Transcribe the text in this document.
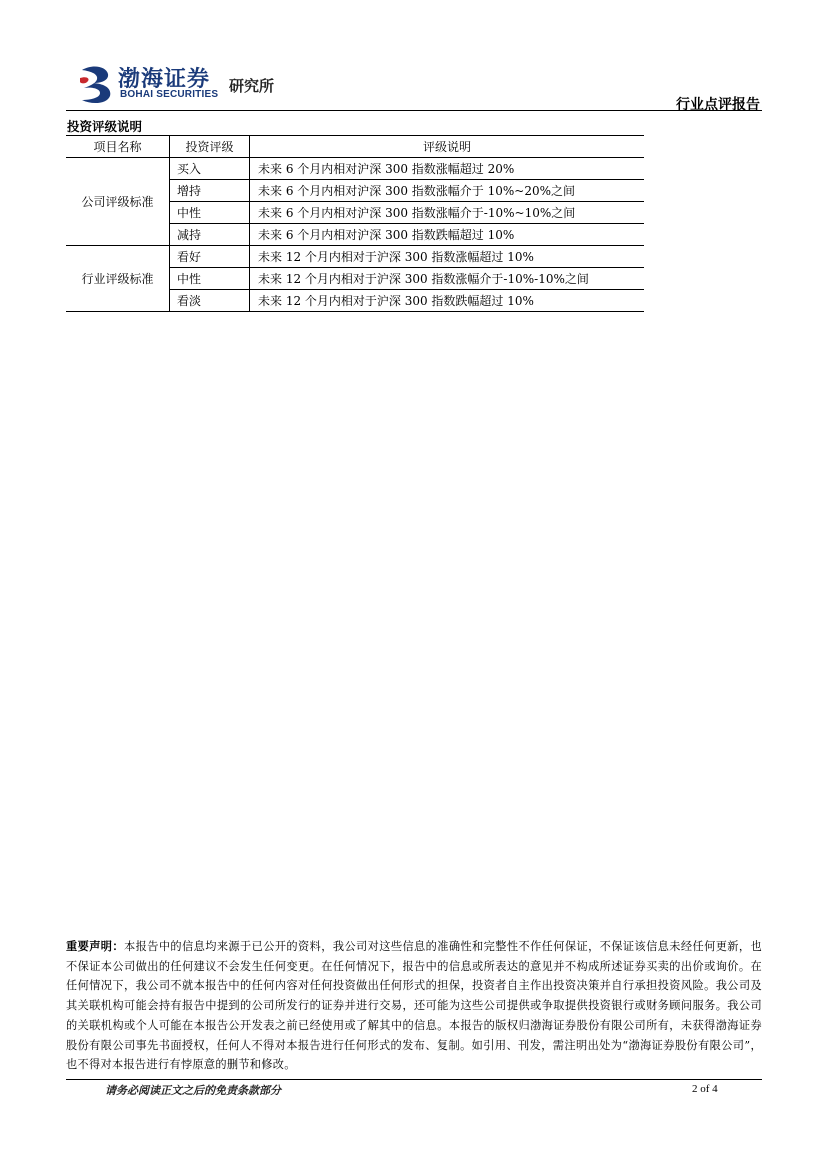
渤海证券
BOHAI SECURITIES 研究所
行业点评报告
投资评级说明
项目名称	投资评级	评级说明
公司评级标准	买入	未来 6 个月内相对沪深 300 指数涨幅超过 20%
	增持	未来 6 个月内相对沪深 300 指数涨幅介于 10%~20%之间
	中性	未来 6 个月内相对沪深 300 指数涨幅介于-10%~10%之间
	减持	未来 6 个月内相对沪深 300 指数跌幅超过 10%
行业评级标准	看好	未来 12 个月内相对于沪深 300 指数涨幅超过 10%
	中性	未来 12 个月内相对于沪深 300 指数涨幅介于-10%-10%之间
	看淡	未来 12 个月内相对于沪深 300 指数跌幅超过 10%
重要声明：本报告中的信息均来源于已公开的资料，我公司对这些信息的准确性和完整性不作任何保证，不保证该信息未经任何更新，也不保证本公司做出的任何建议不会发生任何变更。在任何情况下，报告中的信息或所表达的意见并不构成所述证券买卖的出价或询价。在任何情况下，我公司不就本报告中的任何内容对任何投资做出任何形式的担保，投资者自主作出投资决策并自行承担投资风险。我公司及其关联机构可能会持有报告中提到的公司所发行的证券并进行交易，还可能为这些公司提供或争取提供投资银行或财务顾问服务。我公司的关联机构或个人可能在本报告公开发表之前已经使用或了解其中的信息。本报告的版权归渤海证券股份有限公司所有，未获得渤海证券股份有限公司事先书面授权，任何人不得对本报告进行任何形式的发布、复制。如引用、刊发，需注明出处为“渤海证券股份有限公司”，也不得对本报告进行有悖原意的删节和修改。
请务必阅读正文之后的免责条款部分	2 of 4
